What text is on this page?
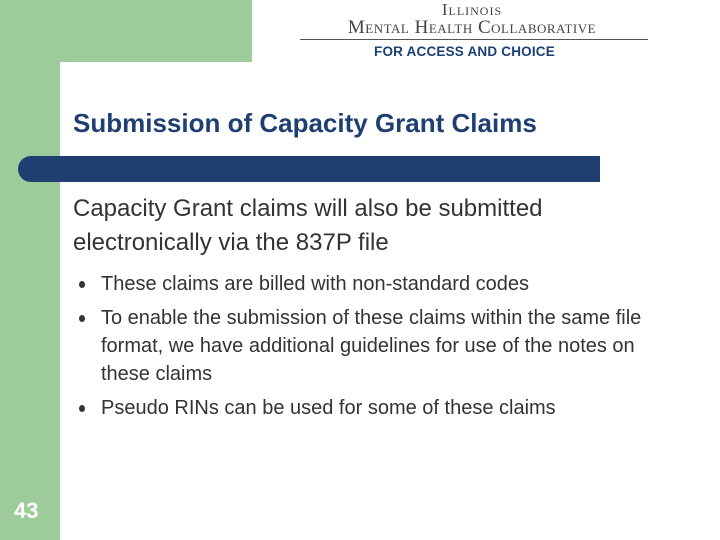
Illinois
Mental Health Collaborative
FOR ACCESS AND CHOICE
Submission of Capacity Grant Claims

Capacity Grant claims will also be submitted electronically via the 837P file

These claims are billed with non-standard codes
To enable the submission of these claims within the same file format, we have additional guidelines for use of the notes on these claims
Pseudo RINs can be used for some of these claims
43
